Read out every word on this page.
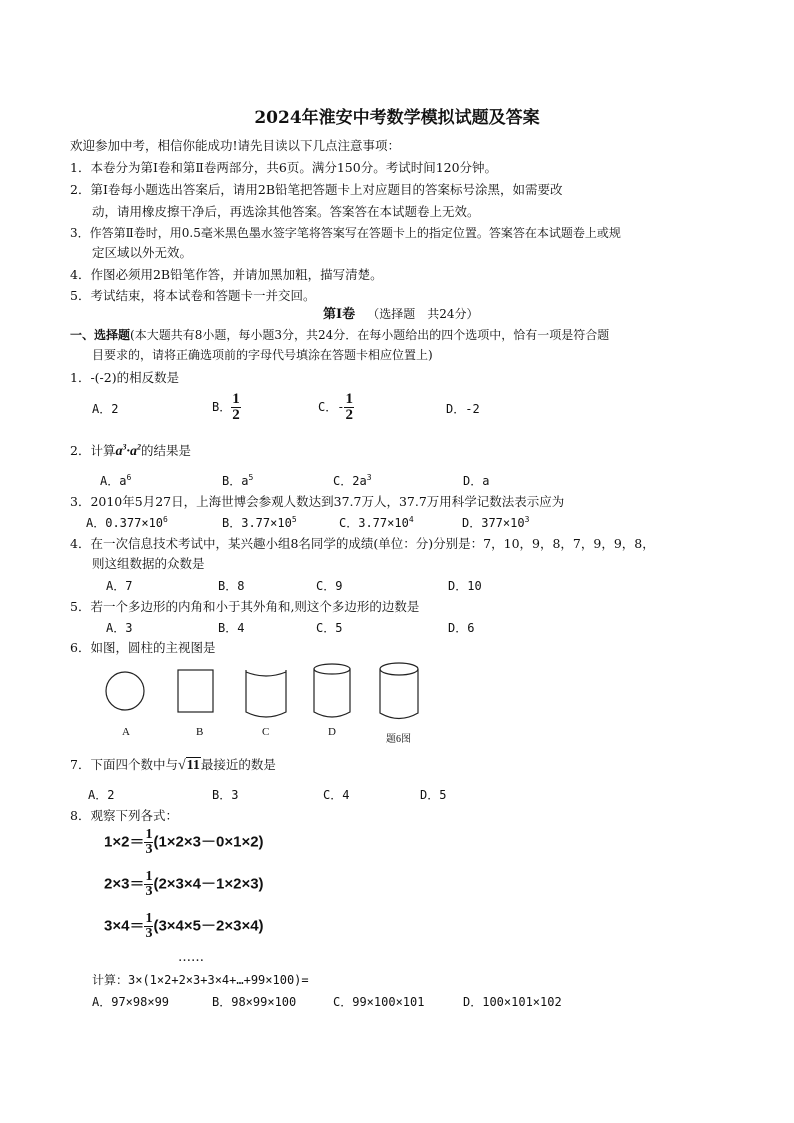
2024年淮安中考数学模拟试题及答案
欢迎参加中考，相信你能成功!请先目读以下几点注意事项：
1．本卷分为第Ⅰ卷和第Ⅱ卷两部分，共6页。满分150分。考试时间120分钟。
2．第Ⅰ卷每小题选出答案后，请用2B铅笔把答题卡上对应题目的答案标号涂黑，如需要改
动，请用橡皮擦干净后，再选涂其他答案。答案答在本试题卷上无效。
3．作答第Ⅱ卷时，用0.5毫米黑色墨水签字笔将答案写在答题卡上的指定位置。答案答在本试题卷上或规
定区域以外无效。
4．作图必须用2B铅笔作答，并请加黑加粗，描写清楚。
5．考试结束，将本试卷和答题卡一并交回。
第Ⅰ卷 （选择题　共24分）
一、选择题(本大题共有8小题，每小题3分，共24分．在每小题给出的四个选项中，恰有一项是符合题
目要求的，请将正确选项前的字母代号填涂在答题卡相应位置上)
1．-(-2)的相反数是
A．2	B． $\frac{1}{2}$	C．- $\frac{1}{2}$	D．-2
2．计算$a^3\cdot a^2$的结果是
A．$a^6$	B．$a^5$	C．$2a^3$	D．a
3．2010年5月27日，上海世博会参观人数达到37.7万人，37.7万用科学记数法表示应为
A．$0.377\times 10^6$	B．$3.77\times 10^5$	C．$3.77\times 10^4$	D．$377\times 10^3$
4．在一次信息技术考试中，某兴趣小组8名同学的成绩(单位：分)分别是：7，10，9，8，7，9，9，8，
则这组数据的众数是
A．7	B．8	C．9	D．10
5．若一个多边形的内角和小于其外角和,则这个多边形的边数是
A．3	B．4	C．5	D．6
6．如图，圆柱的主视图是
A	B	C	D
题6图
7．下面四个数中与√11最接近的数是
A．2	B．3	C．4	D．5
8．观察下列各式：
$1\times 2= \frac{1}{3} (1\times 2\times 3-0\times 1\times 2)$
$2\times 3= \frac{1}{3} (2\times 3\times 4-1\times 2\times 3)$
$3\times 4= \frac{1}{3} (3\times 4\times 5-2\times 3\times 4)$
……
计算：3×(1×2+2×3+3×4+…+99×100)=
A．97×98×99	B．98×99×100	C．99×100×101	D．100×101×102
